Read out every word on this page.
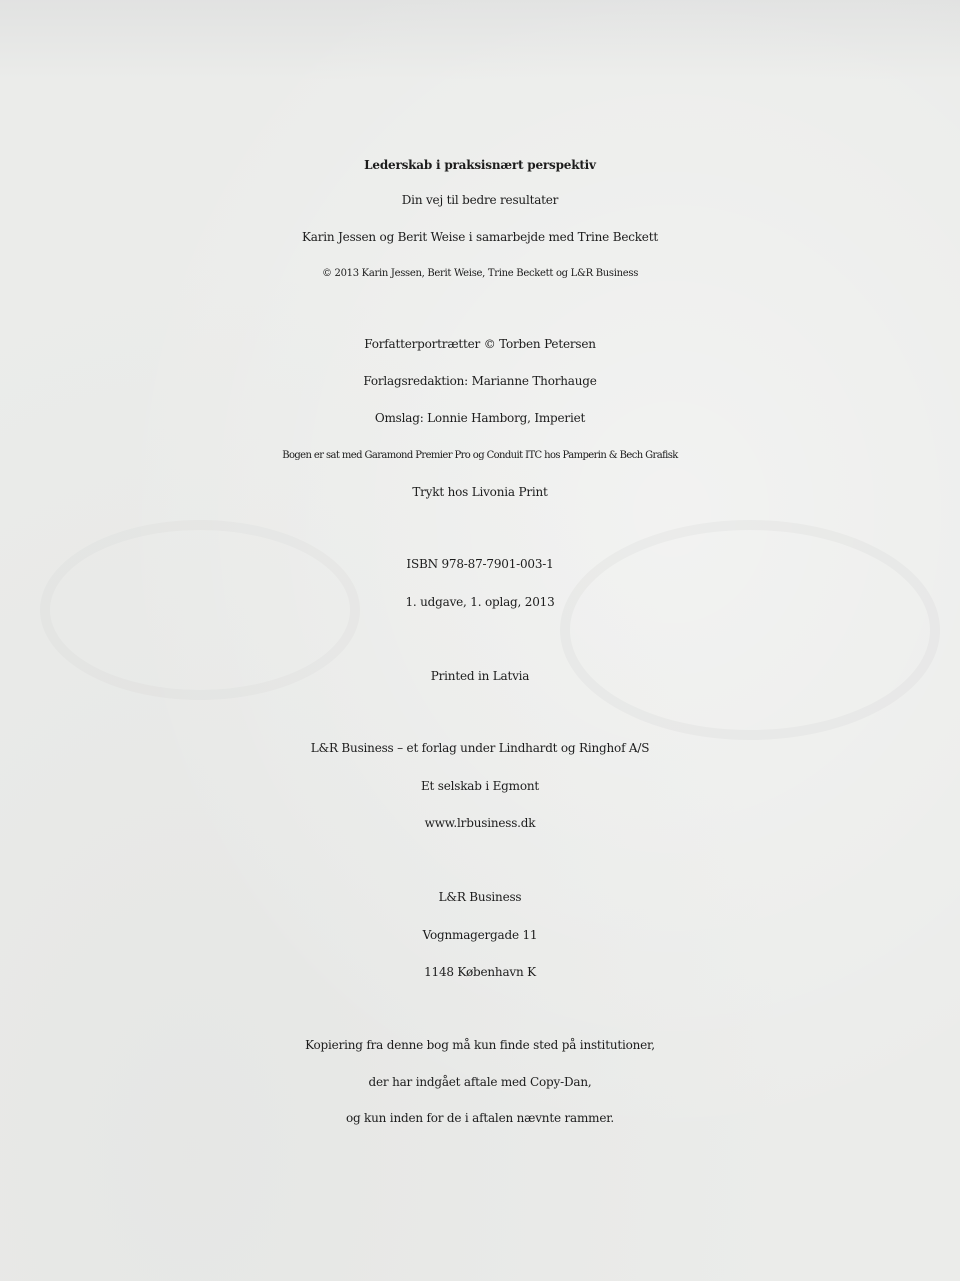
Lederskab i praksisnært perspektiv
Din vej til bedre resultater
Karin Jessen og Berit Weise i samarbejde med Trine Beckett
© 2013 Karin Jessen, Berit Weise, Trine Beckett og L&R Business
Forfatterportrætter © Torben Petersen
Forlagsredaktion: Marianne Thorhauge
Omslag: Lonnie Hamborg, Imperiet
Bogen er sat med Garamond Premier Pro og Conduit ITC hos Pamperin & Bech Grafisk
Trykt hos Livonia Print
ISBN 978-87-7901-003-1
1. udgave, 1. oplag, 2013
Printed in Latvia
L&R Business – et forlag under Lindhardt og Ringhof A/S
Et selskab i Egmont
www.lrbusiness.dk
L&R Business
Vognmagergade 11
1148 København K
Kopiering fra denne bog må kun finde sted på institutioner,
der har indgået aftale med Copy-Dan,
og kun inden for de i aftalen nævnte rammer.
